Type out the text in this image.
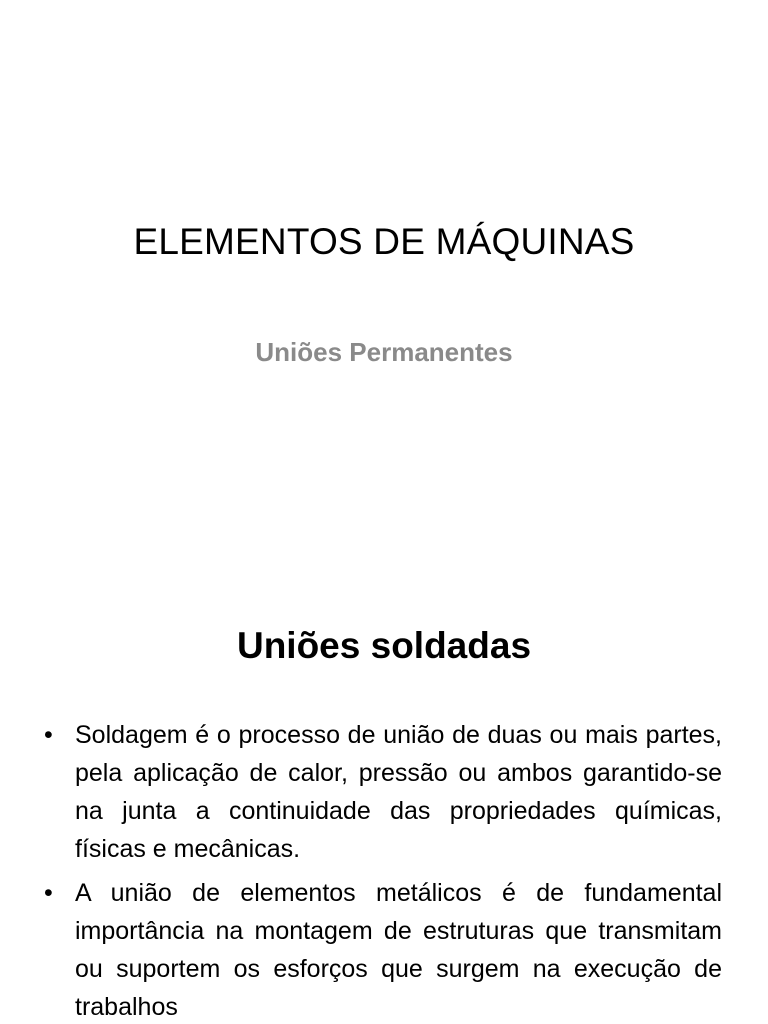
ELEMENTOS DE MÁQUINAS
Uniões Permanentes
Uniões soldadas
• Soldagem é o processo de união de duas ou mais partes, pela aplicação de calor, pressão ou ambos garantido-se na junta a continuidade das propriedades químicas, físicas e mecânicas.
• A união de elementos metálicos é de fundamental importância na montagem de estruturas que transmitam ou suportem os esforços que surgem na execução de trabalhos
